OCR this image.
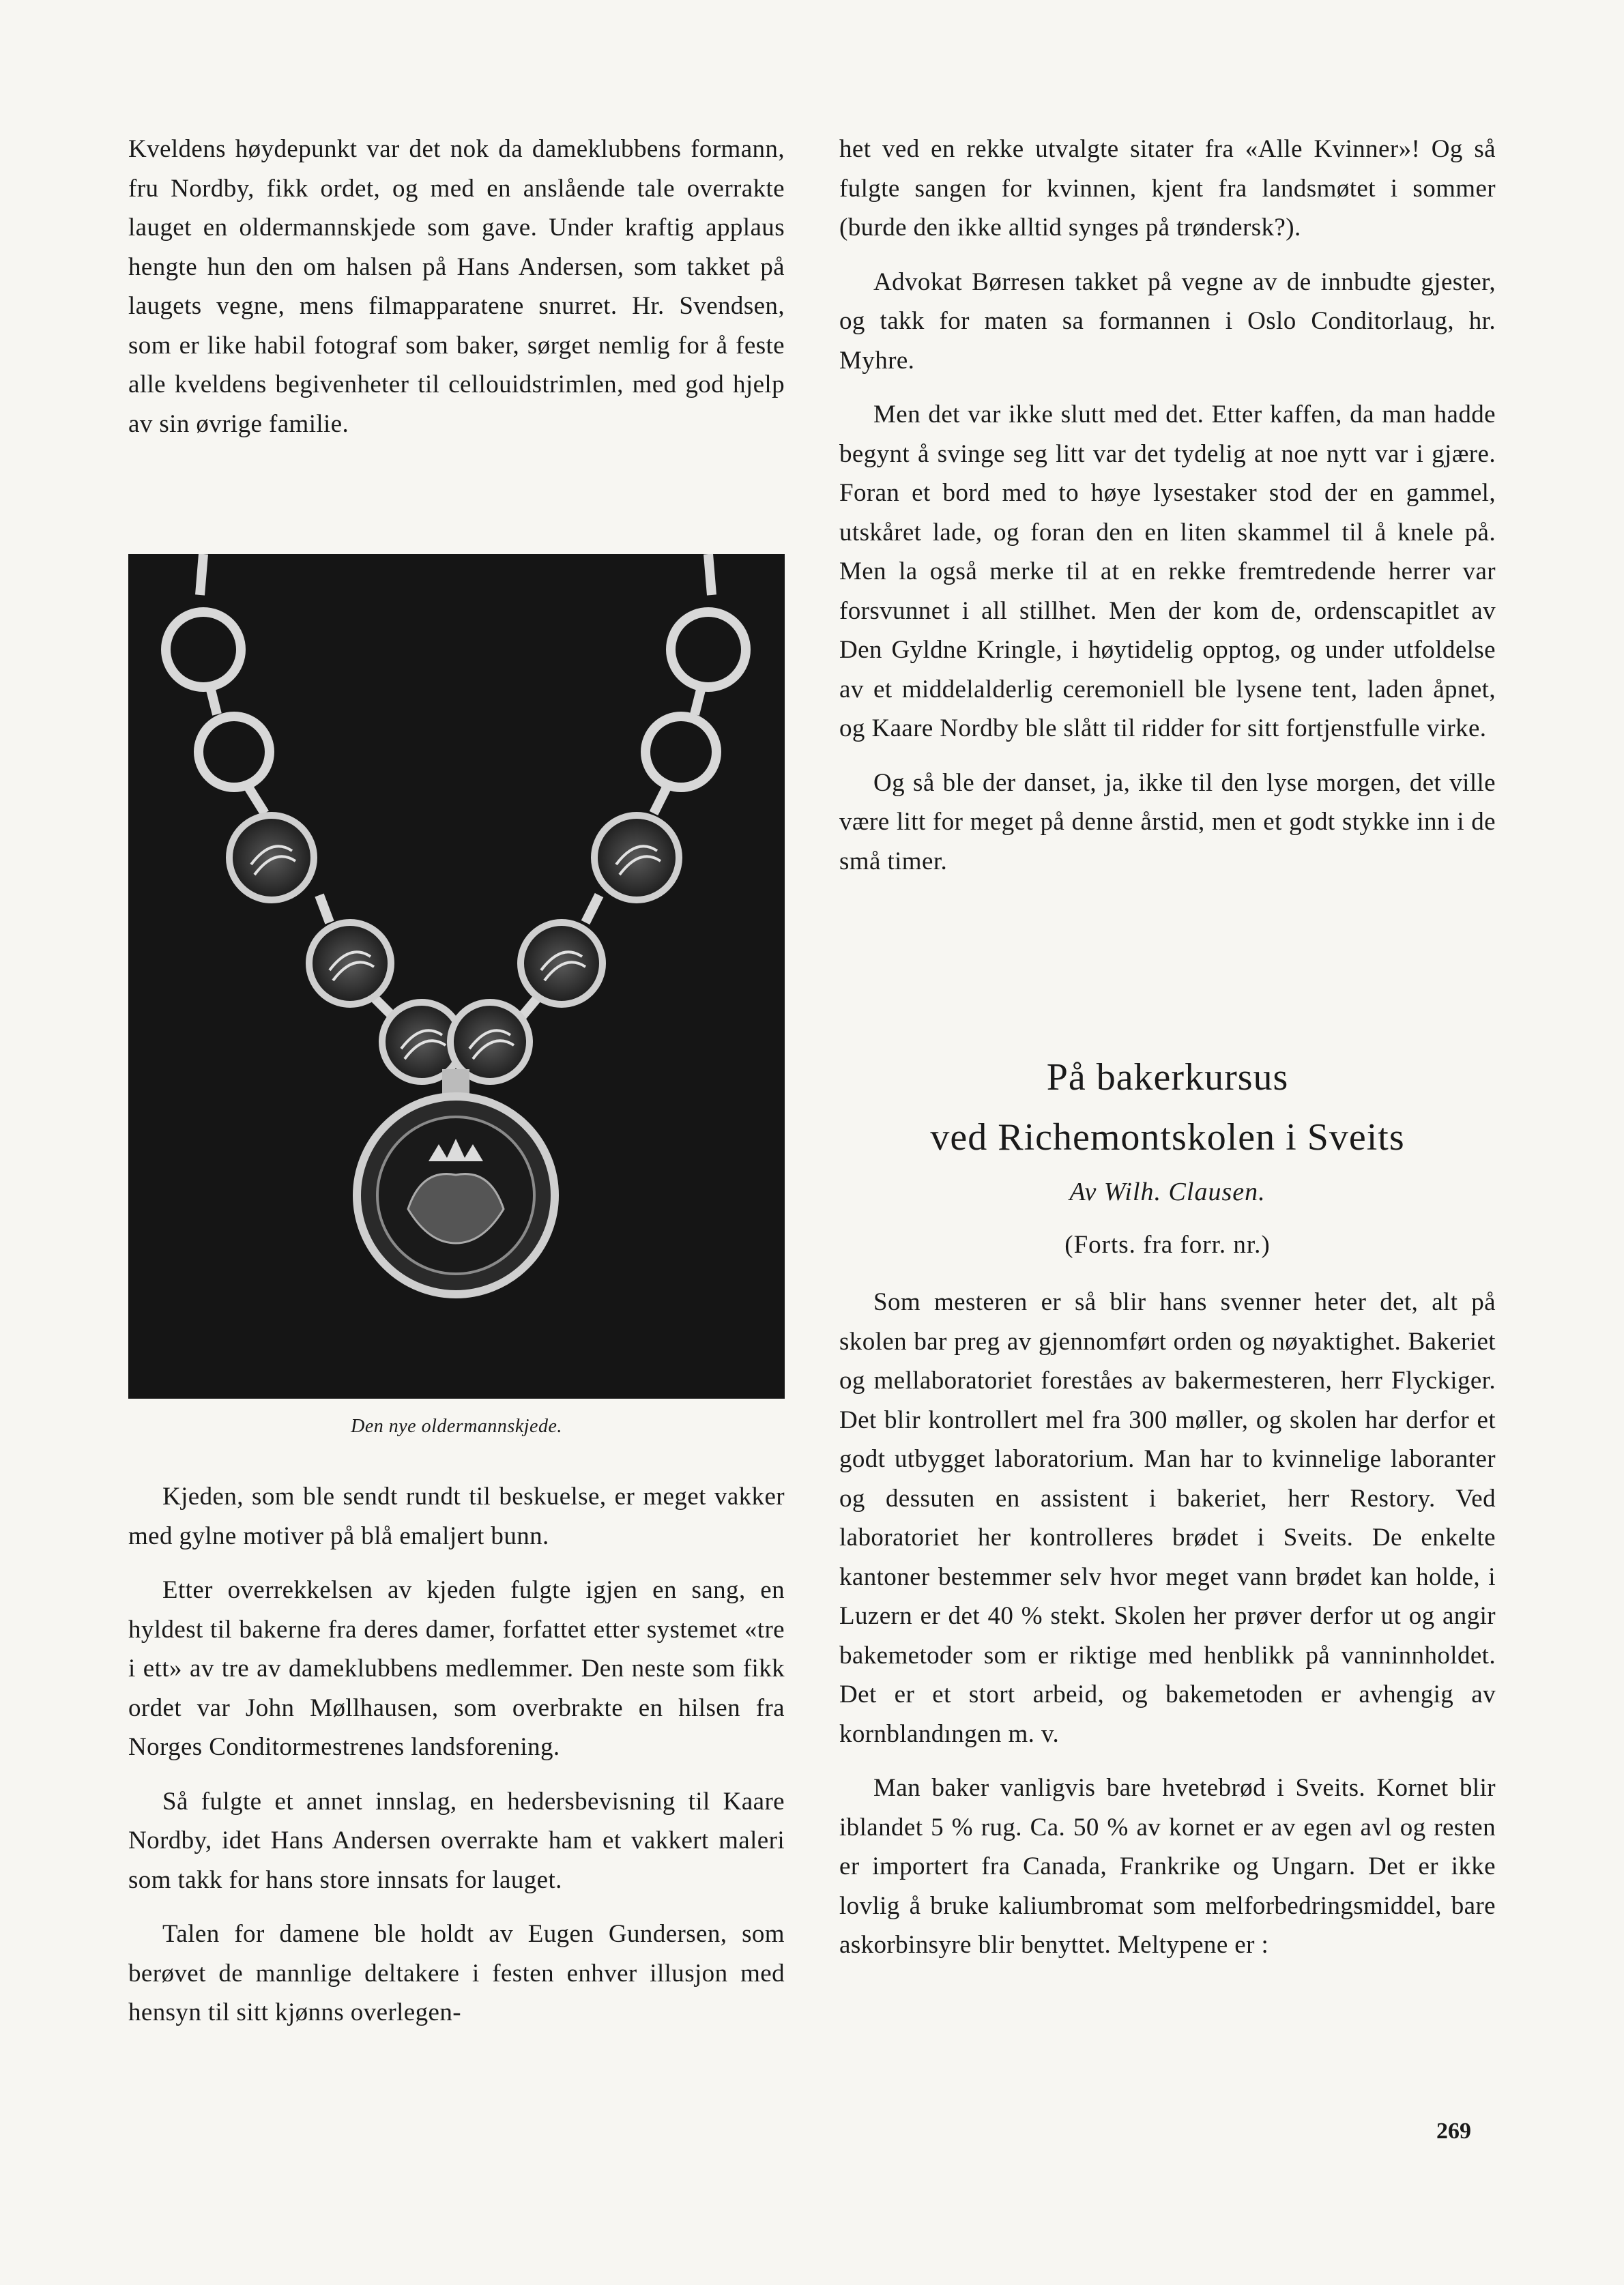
Kveldens høydepunkt var det nok da dameklubbens formann, fru Nordby, fikk ordet, og med en anslående tale overrakte lauget en oldermannskjede som gave. Under kraftig applaus hengte hun den om halsen på Hans Andersen, som takket på laugets vegne, mens filmapparatene snurret. Hr. Svendsen, som er like habil fotograf som baker, sørget nemlig for å feste alle kveldens begivenheter til cellouidstrimlen, med god hjelp av sin øvrige familie.

Den nye oldermannskjede.

Kjeden, som ble sendt rundt til beskuelse, er meget vakker med gylne motiver på blå emaljert bunn.

Etter overrekkelsen av kjeden fulgte igjen en sang, en hyldest til bakerne fra deres damer, forfattet etter systemet «tre i ett» av tre av dameklubbens medlemmer. Den neste som fikk ordet var John Møllhausen, som overbrakte en hilsen fra Norges Conditormestrenes landsforening.

Så fulgte et annet innslag, en hedersbevisning til Kaare Nordby, idet Hans Andersen overrakte ham et vakkert maleri som takk for hans store innsats for lauget.

Talen for damene ble holdt av Eugen Gundersen, som berøvet de mannlige deltakere i festen enhver illusjon med hensyn til sitt kjønns overlegen-

het ved en rekke utvalgte sitater fra «Alle Kvinner»! Og så fulgte sangen for kvinnen, kjent fra landsmøtet i sommer (burde den ikke alltid synges på trøndersk?).

Advokat Børresen takket på vegne av de innbudte gjester, og takk for maten sa formannen i Oslo Conditorlaug, hr. Myhre.

Men det var ikke slutt med det. Etter kaffen, da man hadde begynt å svinge seg litt var det tydelig at noe nytt var i gjære. Foran et bord med to høye lysestaker stod der en gammel, utskåret lade, og foran den en liten skammel til å knele på. Men la også merke til at en rekke fremtredende herrer var forsvunnet i all stillhet. Men der kom de, ordenscapitlet av Den Gyldne Kringle, i høytidelig opptog, og under utfoldelse av et middelalderlig ceremoniell ble lysene tent, laden åpnet, og Kaare Nordby ble slått til ridder for sitt fortjenstfulle virke.

Og så ble der danset, ja, ikke til den lyse morgen, det ville være litt for meget på denne årstid, men et godt stykke inn i de små timer.

På bakerkursus
ved Richemontskolen i Sveits
Av Wilh. Clausen.
(Forts. fra forr. nr.)

Som mesteren er så blir hans svenner heter det, alt på skolen bar preg av gjennomført orden og nøyaktighet. Bakeriet og mellaboratoriet foreståes av bakermesteren, herr Flyckiger. Det blir kontrollert mel fra 300 møller, og skolen har derfor et godt utbygget laboratorium. Man har to kvinnelige laboranter og dessuten en assistent i bakeriet, herr Restory. Ved laboratoriet her kontrolleres brødet i Sveits. De enkelte kantoner bestemmer selv hvor meget vann brødet kan holde, i Luzern er det 40 % stekt. Skolen her prøver derfor ut og angir bakemetoder som er riktige med henblikk på vanninnholdet. Det er et stort arbeid, og bakemetoden er avhengig av kornblandıngen m. v.

Man baker vanligvis bare hvetebrød i Sveits. Kornet blir iblandet 5 % rug. Ca. 50 % av kornet er av egen avl og resten er importert fra Canada, Frankrike og Ungarn. Det er ikke lovlig å bruke kaliumbromat som melforbedringsmiddel, bare askorbinsyre blir benyttet. Meltypene er :

269
